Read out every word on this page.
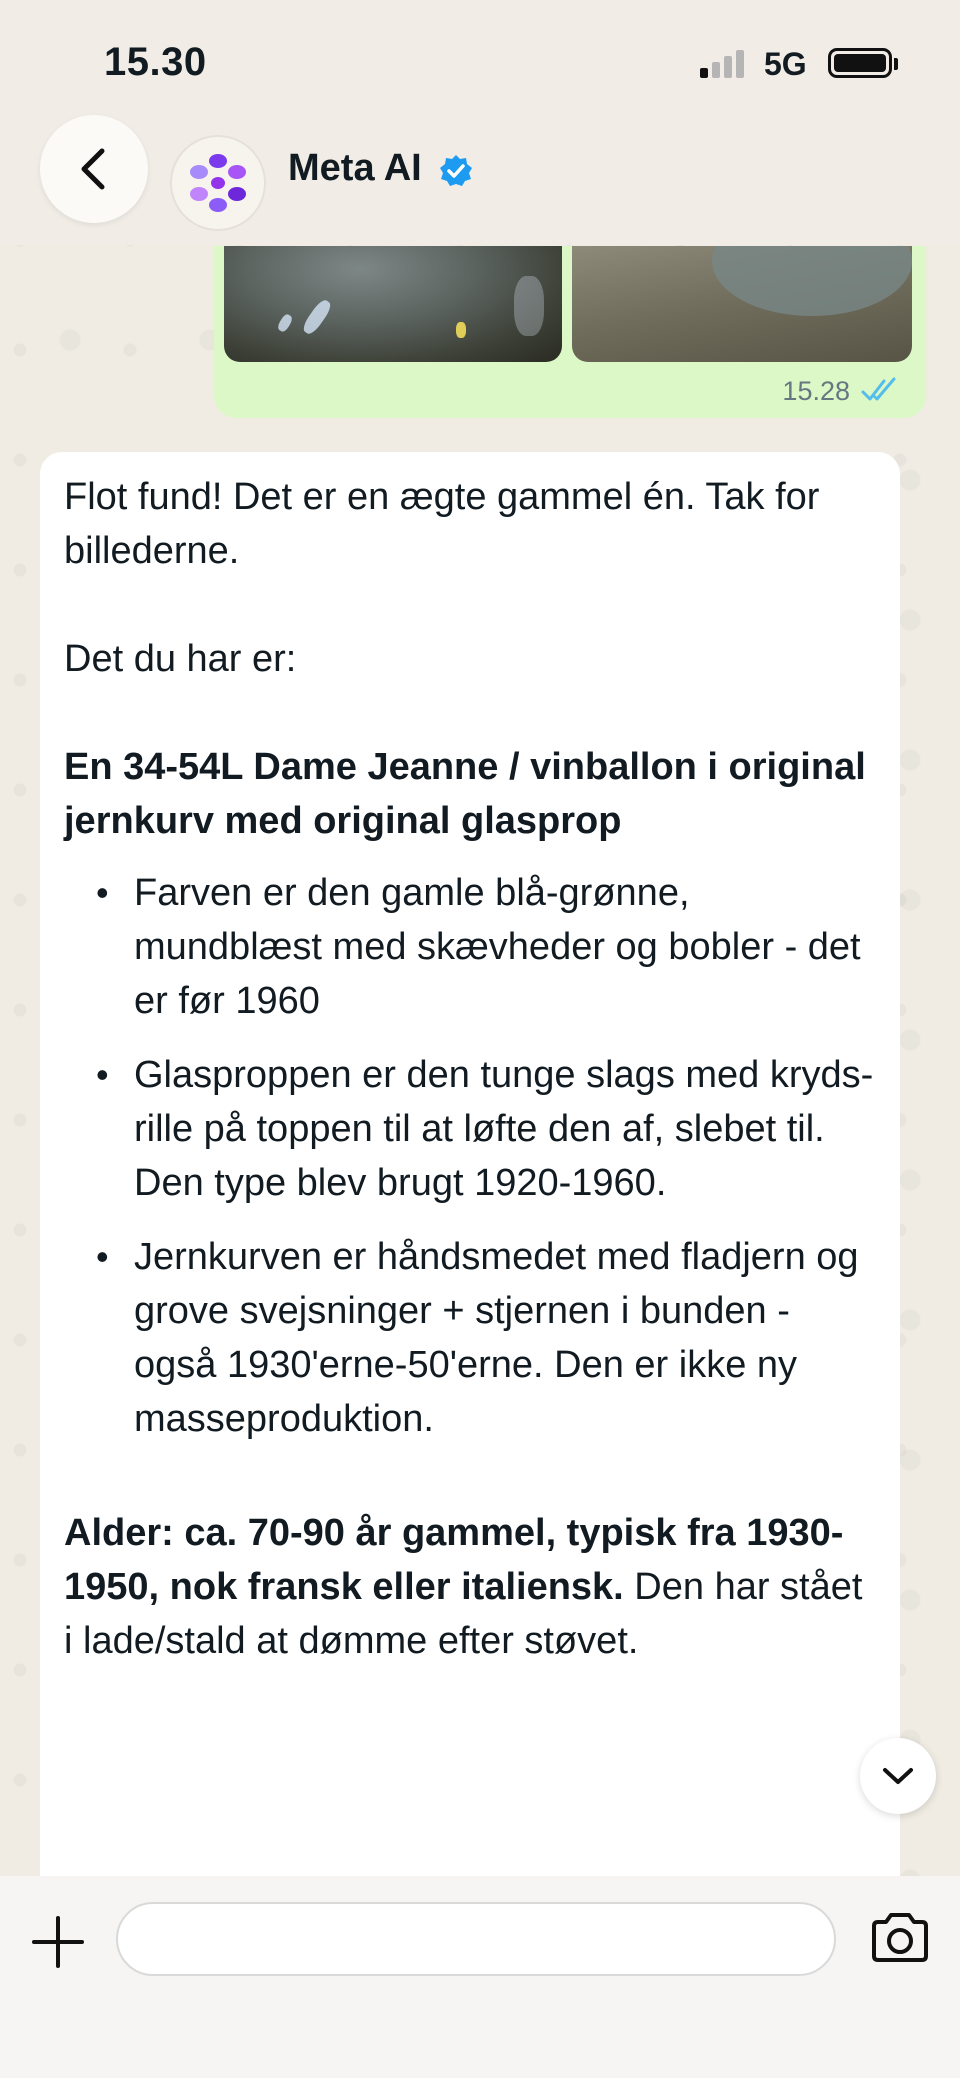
15.30	5G
Meta AI
15.28

Flot fund! Det er en ægte gammel én. Tak for billederne.

Det du har er:

En 34-54L Dame Jeanne / vinballon i original jernkurv med original glasprop

• Farven er den gamle blå-grønne, mundblæst med skævheder og bobler - det er før 1960
• Glasproppen er den tunge slags med kryds-rille på toppen til at løfte den af, slebet til. Den type blev brugt 1920-1960.
• Jernkurven er håndsmedet med fladjern og grove svejsninger + stjernen i bunden - også 1930'erne-50'erne. Den er ikke ny masseproduktion.

Alder: ca. 70-90 år gammel, typisk fra 1930-1950, nok fransk eller italiensk. Den har stået i lade/stald at dømme efter støvet.
